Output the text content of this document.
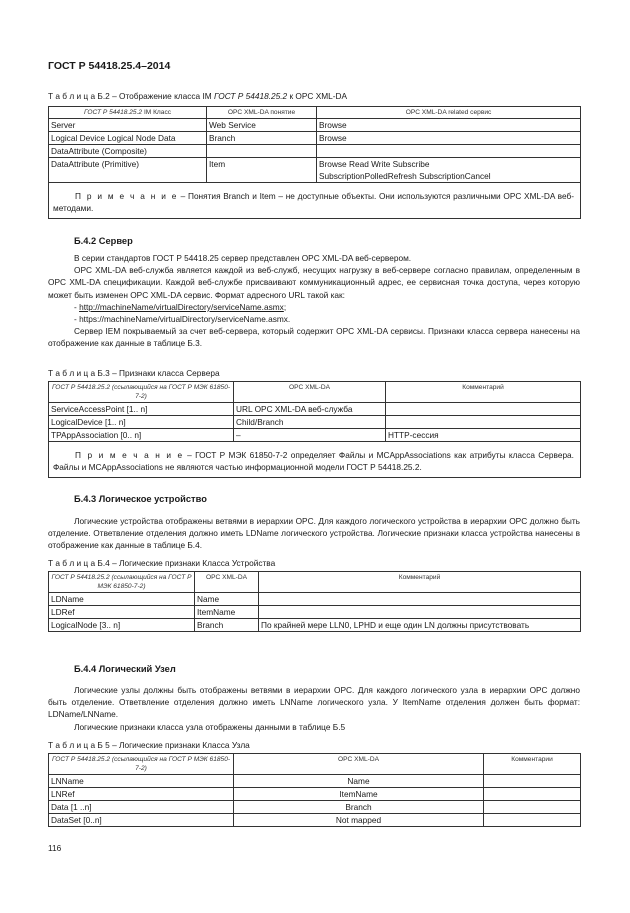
ГОСТ Р 54418.25.4–2014
Т а б л и ц а Б.2 – Отображение класса IM ГОСТ Р 54418.25.2 к OPC XML-DA
ГОСТ Р 54418.25.2 IM Класс	OPC XML-DA понятие	OPC XML-DA related сервис
Server	Web Service	Browse
Logical Device Logical Node Data	Branch	Browse
DataAttribute (Composite)		
DataAttribute (Primitive)	Item	Browse Read Write Subscribe
SubscriptionPolledRefresh SubscriptionCancel

П р и м е ч а н и е – Понятия Branch и Item – не доступные объекты. Они используются различными OPC XML-DA веб-методами.		
Б.4.2 Сервер

В серии стандартов ГОСТ Р 54418.25 сервер представлен OPC XML-DA веб-сервером.

OPC XML-DA веб-служба является каждой из веб-служб, несущих нагрузку в веб-сервере согласно правилам, определенным в OPC XML-DA спецификации. Каждой веб-службе присваивают коммуникационный адрес, ее сервисная точка доступа, через которую может быть изменен OPC XML-DA сервис. Формат адресного URL такой как:

- http://machineName/virtualDirectory/serviceName.asmx;

- https://machineName/virtualDirectory/serviceName.asmx.

Сервер IEM покрываемый за счет веб-сервера, который содержит OPC XML-DA сервисы. Признаки класса сервера нанесены на отображение как данные в таблице Б.3.

Т а б л и ц а Б.3 – Признаки класса Сервера
ГОСТ Р 54418.25.2 (ссылающийся на ГОСТ Р МЭК 61850-7-2)	OPC XML-DA	Комментарий
ServiceAccessPoint [1.. n]	URL OPC XML-DA веб-служба	
LogicalDevice [1.. n]	Child/Branch	
TPAppAssociation [0.. n]	–	HTTP-сессия
П р и м е ч а н и е – ГОСТ Р МЭК 61850-7-2 определяет Файлы и MCAppAssociations как атрибуты класса Сервера. Файлы и MCAppAssociations не являются частью информационной модели ГОСТ Р 54418.25.2.		
Б.4.3 Логическое устройство

Логические устройства отображены ветвями в иерархии OPC. Для каждого логического устройства в иерархии OPC должно быть отделение. Ответвление отделения должно иметь LDName логического устройства. Логические признаки класса устройства нанесены в отображение как данные в таблице Б.4.

Т а б л и ц а Б.4 – Логические признаки Класса Устройства
ГОСТ Р 54418.25.2 (ссылающийся на ГОСТ Р МЭК 61850-7-2)	OPC XML-DA	Комментарий
LDName	Name	
LDRef	ItemName	
LogicalNode [3.. n]	Branch	По крайней мере LLN0, LPHD и еще один LN должны присутствовать
Б.4.4 Логический Узел

Логические узлы должны быть отображены ветвями в иерархии OPC. Для каждого логического узла в иерархии OPC должно быть отделение. Ответвление отделения должно иметь LNName логического узла. У ItemName отделения должен быть формат: LDName/LNName.

Логические признаки класса узла отображены данными в таблице Б.5

Т а б л и ц а Б 5 – Логические признаки Класса Узла
ГОСТ Р 54418.25.2 (ссылающийся на ГОСТ Р МЭК 61850-7-2)	OPC XML-DA	Комментарии
LNName	Name	
LNRef	ItemName	
Data [1 ..n]	Branch	
DataSet [0..n]	Not mapped	
116
